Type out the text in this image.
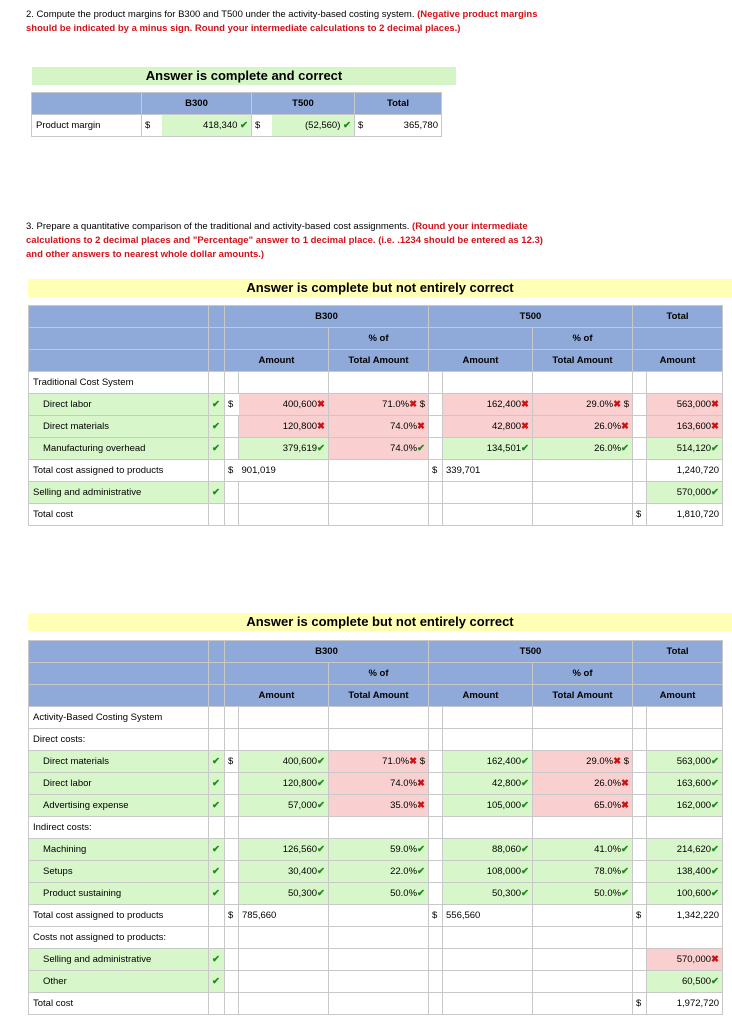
2. Compute the product margins for B300 and T500 under the activity-based costing system. (Negative product margins should be indicated by a minus sign. Round your intermediate calculations to 2 decimal places.)
Answer is complete and correct
	B300		T500		Total	
Product margin	$	418,340 ✔	$	(52,560) ✔	$	365,780
3. Prepare a quantitative comparison of the traditional and activity-based cost assignments. (Round your intermediate calculations to 2 decimal places and "Percentage" answer to 1 decimal place. (i.e. .1234 should be entered as 12.3) and other answers to nearest whole dollar amounts.)
Answer is complete but not entirely correct
		B300			T500			Total	
				% of			% of		
		Amount		Total Amount	Amount		Total Amount	Amount	
Traditional Cost System									
Direct labor	✔	$	400,600✖	71.0%✖ $		162,400✖	29.0%✖ $		563,000✖
Direct materials	✔		120,800✖	74.0%✖		42,800✖	26.0%✖		163,600✖
Manufacturing overhead	✔		379,619✔	74.0%✔		134,501✔	26.0%✔		514,120✔
Total cost assigned to products		$	901,019		$	339,701			1,240,720
Selling and administrative	✔								570,000✔
Total cost								$	1,810,720
Answer is complete but not entirely correct
		B300			T500			Total	
				% of			% of		
		Amount		Total Amount	Amount		Total Amount	Amount	
Activity-Based Costing System									
Direct costs:									
Direct materials	✔	$	400,600✔	71.0%✖ $		162,400✔	29.0%✖ $		563,000✔
Direct labor	✔		120,800✔	74.0%✖		42,800✔	26.0%✖		163,600✔
Advertising expense	✔		57,000✔	35.0%✖		105,000✔	65.0%✖		162,000✔
Indirect costs:									
Machining	✔		126,560✔	59.0%✔		88,060✔	41.0%✔		214,620✔
Setups	✔		30,400✔	22.0%✔		108,000✔	78.0%✔		138,400✔
Product sustaining	✔		50,300✔	50.0%✔		50,300✔	50.0%✔		100,600✔
Total cost assigned to products		$	785,660		$	556,560		$	1,342,220
Costs not assigned to products:									
Selling and administrative	✔								570,000✖
Other	✔								60,500✔
Total cost								$	1,972,720
